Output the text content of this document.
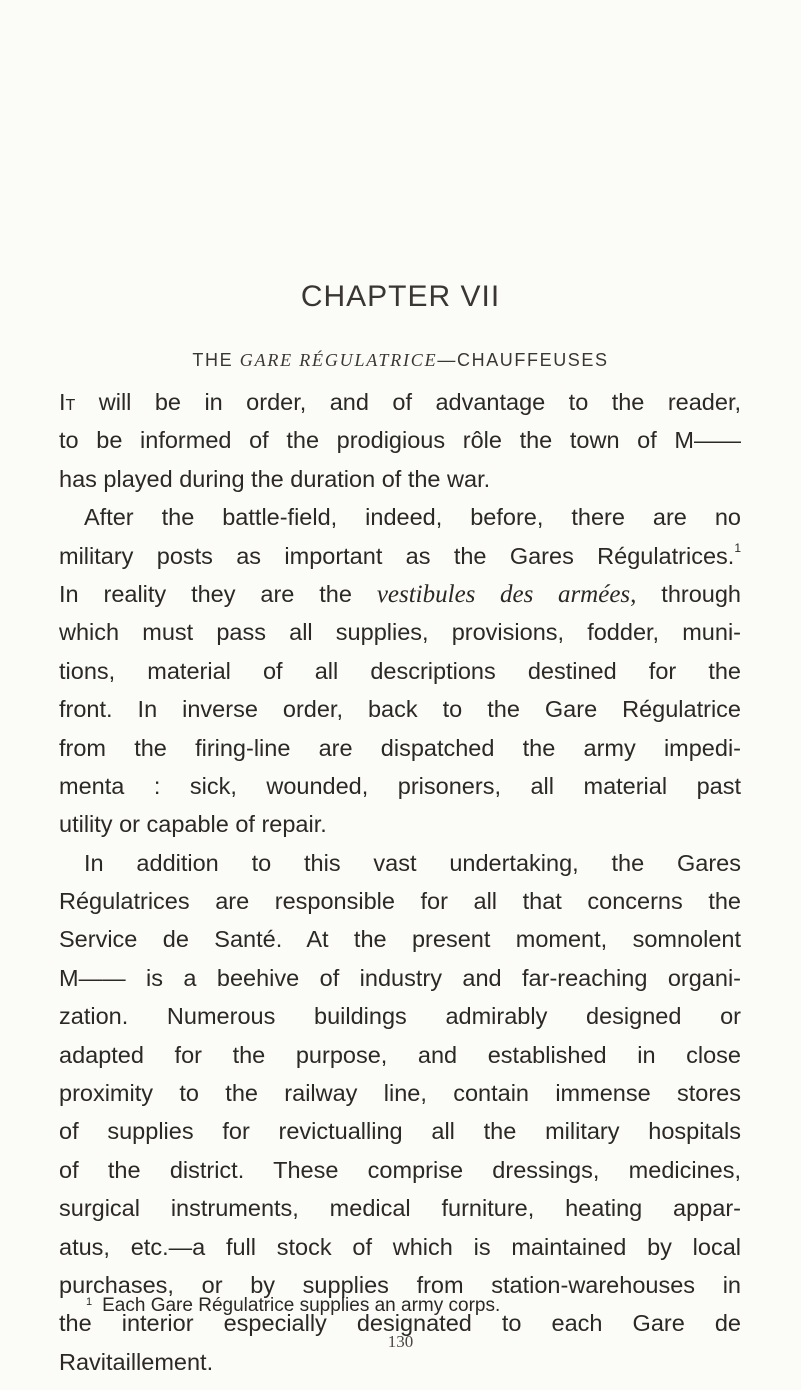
CHAPTER VII
THE GARE RÉGULATRICE—CHAUFFEUSES
It will be in order, and of advantage to the reader,
to be informed of the prodigious rôle the town of M——
has played during the duration of the war.
After the battle-field, indeed, before, there are no
military posts as important as the Gares Régulatrices.$^1$
In reality they are the vestibules des armées, through
which must pass all supplies, provisions, fodder, muni-
tions, material of all descriptions destined for the
front. In inverse order, back to the Gare Régulatrice
from the firing-line are dispatched the army impedi-
menta : sick, wounded, prisoners, all material past
utility or capable of repair.
In addition to this vast undertaking, the Gares
Régulatrices are responsible for all that concerns the
Service de Santé. At the present moment, somnolent
M—— is a beehive of industry and far-reaching organi-
zation. Numerous buildings admirably designed or
adapted for the purpose, and established in close
proximity to the railway line, contain immense stores
of supplies for revictualling all the military hospitals
of the district. These comprise dressings, medicines,
surgical instruments, medical furniture, heating appar-
atus, etc.—a full stock of which is maintained by local
purchases, or by supplies from station-warehouses in
the interior especially designated to each Gare de
Ravitaillement.
$^1$ Each Gare Régulatrice supplies an army corps.
130
